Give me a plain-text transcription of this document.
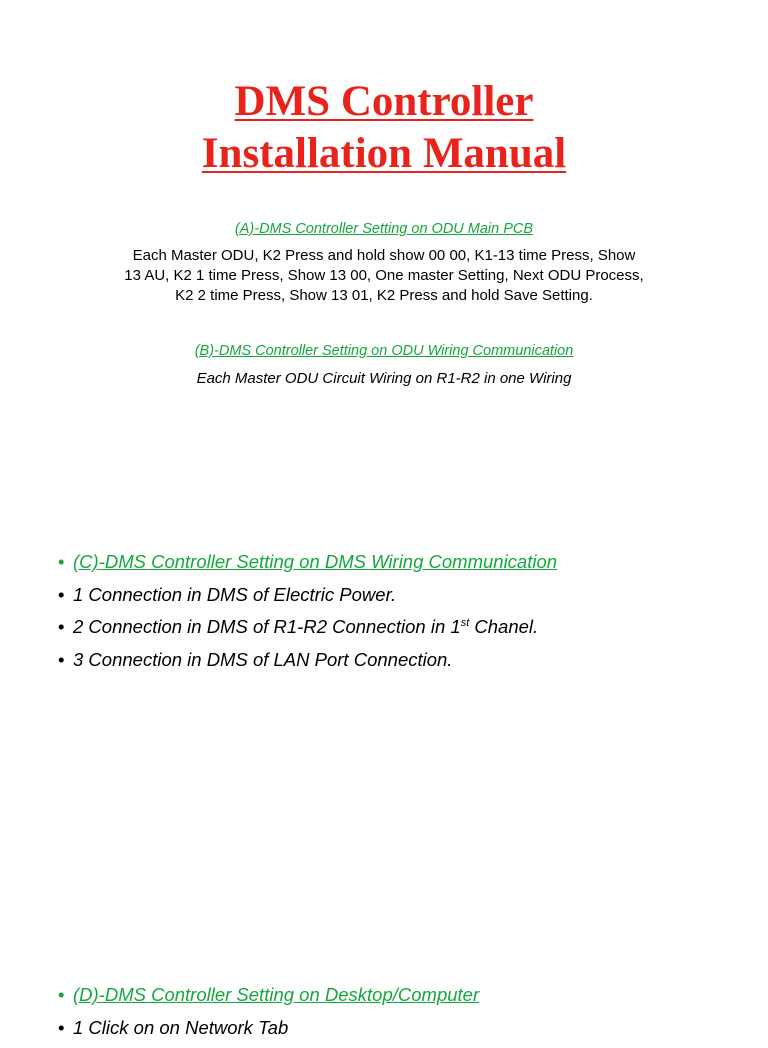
DMS Controller
Installation Manual
(A)-DMS Controller Setting on ODU Main PCB
Each Master ODU, K2 Press and hold show 00 00, K1-13 time Press, Show
13 AU, K2 1 time Press, Show 13 00, One master Setting, Next ODU Process,
K2 2 time Press, Show 13 01, K2 Press and hold Save Setting.
(B)-DMS Controller Setting on ODU Wiring Communication
Each Master ODU Circuit Wiring on R1-R2 in one Wiring
• (C)-DMS Controller Setting on DMS Wiring Communication
• 1 Connection in DMS of Electric Power.
• 2 Connection in DMS of R1-R2 Connection in 1st Chanel.
• 3 Connection in DMS of LAN Port Connection.
• (D)-DMS Controller Setting on Desktop/Computer
• 1 Click on on Network Tab
